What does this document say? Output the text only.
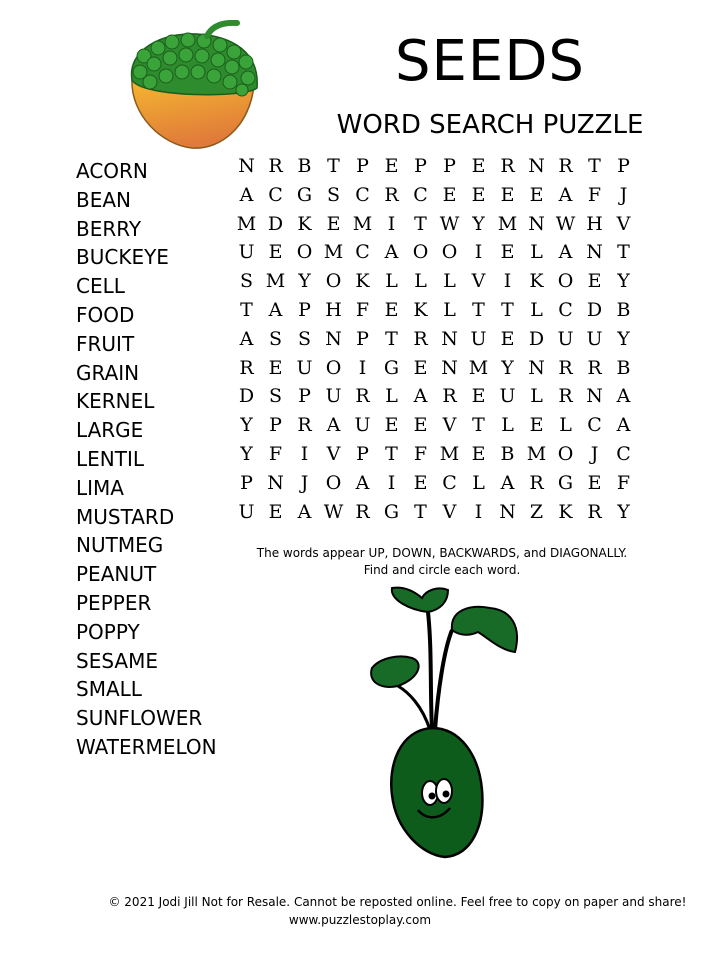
SEEDS
WORD SEARCH PUZZLE
ACORN
BEAN
BERRY
BUCKEYE
CELL
FOOD
FRUIT
GRAIN
KERNEL
LARGE
LENTIL
LIMA
MUSTARD
NUTMEG
PEANUT
PEPPER
POPPY
SESAME
SMALL
SUNFLOWER
WATERMELON
N R B T P E P P E R N R T P
A C G S C R C E E E E A F J
M D K E M I T W Y M N W H V
U E O M C A O O I E L A N T
S M Y O K L L L V I K O E Y
T A P H F E K L T T L C D B
A S S N P T R N U E D U U Y
R E U O I G E N M Y N R R B
D S P U R L A R E U L R N A
Y P R A U E E V T L E L C A
Y F I V P T F M E B M O J C
P N J O A I E C L A R G E F
U E A W R G T V I N Z K R Y
The words appear UP, DOWN, BACKWARDS, and DIAGONALLY.
Find and circle each word.
© 2021 Jodi Jill Not for Resale. Cannot be reposted online. Feel free to copy on paper and share!
www.puzzlestoplay.com
